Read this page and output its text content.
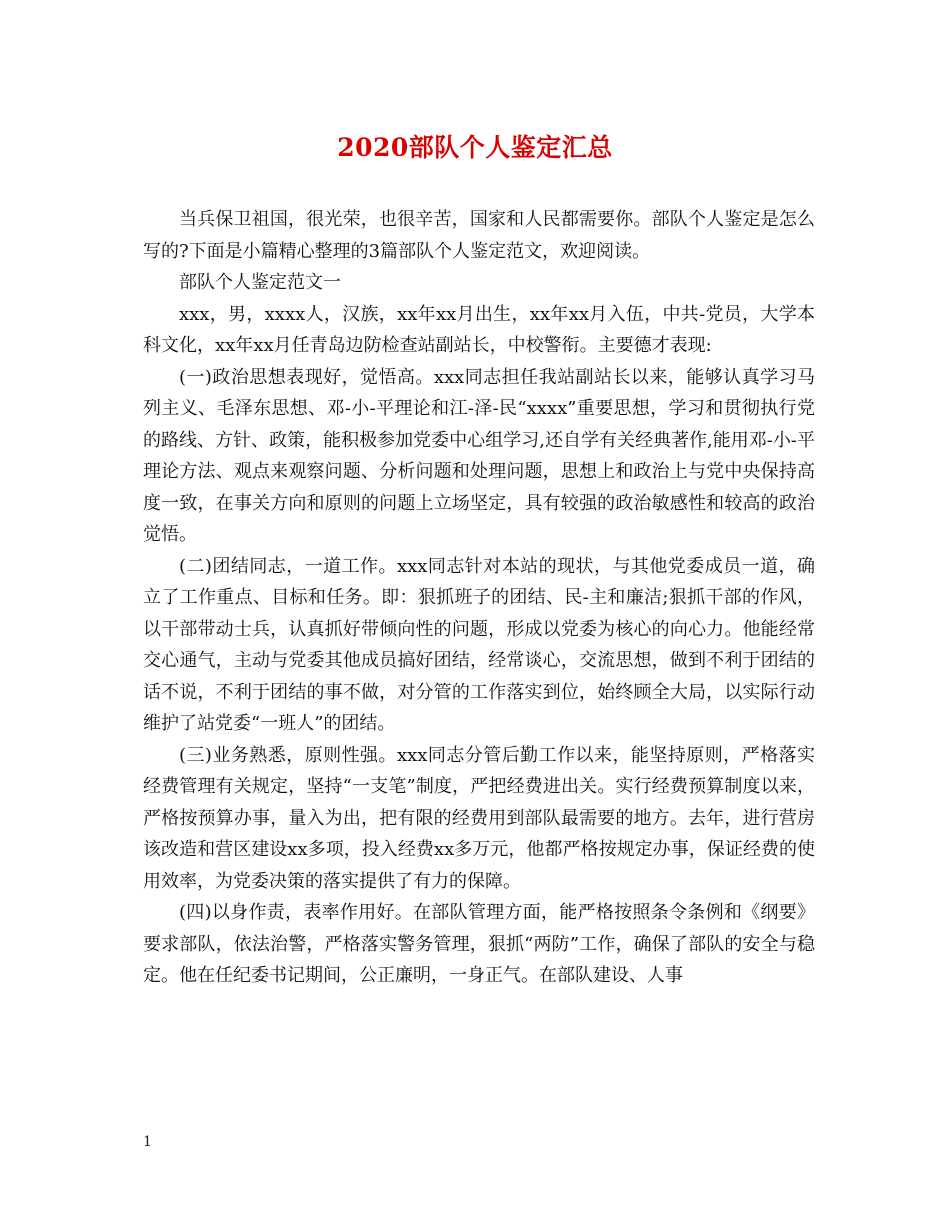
2020部队个人鉴定汇总

当兵保卫祖国，很光荣，也很辛苦，国家和人民都需要你。部队个人鉴定是怎么写的?下面是小篇精心整理的3篇部队个人鉴定范文，欢迎阅读。

部队个人鉴定范文一

xxx，男，xxxx人，汉族，xx年xx月出生，xx年xx月入伍，中共-党员，大学本科文化，xx年xx月任青岛边防检查站副站长，中校警衔。主要德才表现:

(一)政治思想表现好，觉悟高。xxx同志担任我站副站长以来，能够认真学习马列主义、毛泽东思想、邓-小-平理论和江-泽-民“xxxx”重要思想，学习和贯彻执行党的路线、方针、政策，能积极参加党委中心组学习,还自学有关经典著作,能用邓-小-平理论方法、观点来观察问题、分析问题和处理问题，思想上和政治上与党中央保持高度一致，在事关方向和原则的问题上立场坚定，具有较强的政治敏感性和较高的政治觉悟。

(二)团结同志，一道工作。xxx同志针对本站的现状，与其他党委成员一道，确立了工作重点、目标和任务。即：狠抓班子的团结、民-主和廉洁;狠抓干部的作风，以干部带动士兵，认真抓好带倾向性的问题，形成以党委为核心的向心力。他能经常交心通气，主动与党委其他成员搞好团结，经常谈心，交流思想，做到不利于团结的话不说，不利于团结的事不做，对分管的工作落实到位，始终顾全大局，以实际行动维护了站党委“一班人”的团结。

(三)业务熟悉，原则性强。xxx同志分管后勤工作以来，能坚持原则，严格落实经费管理有关规定，坚持“一支笔”制度，严把经费进出关。实行经费预算制度以来，严格按预算办事，量入为出，把有限的经费用到部队最需要的地方。去年，进行营房该改造和营区建设xx多项，投入经费xx多万元，他都严格按规定办事，保证经费的使用效率，为党委决策的落实提供了有力的保障。

(四)以身作责，表率作用好。在部队管理方面，能严格按照条令条例和《纲要》要求部队，依法治警，严格落实警务管理，狠抓“两防”工作，确保了部队的安全与稳定。他在任纪委书记期间，公正廉明，一身正气。在部队建设、人事

1
